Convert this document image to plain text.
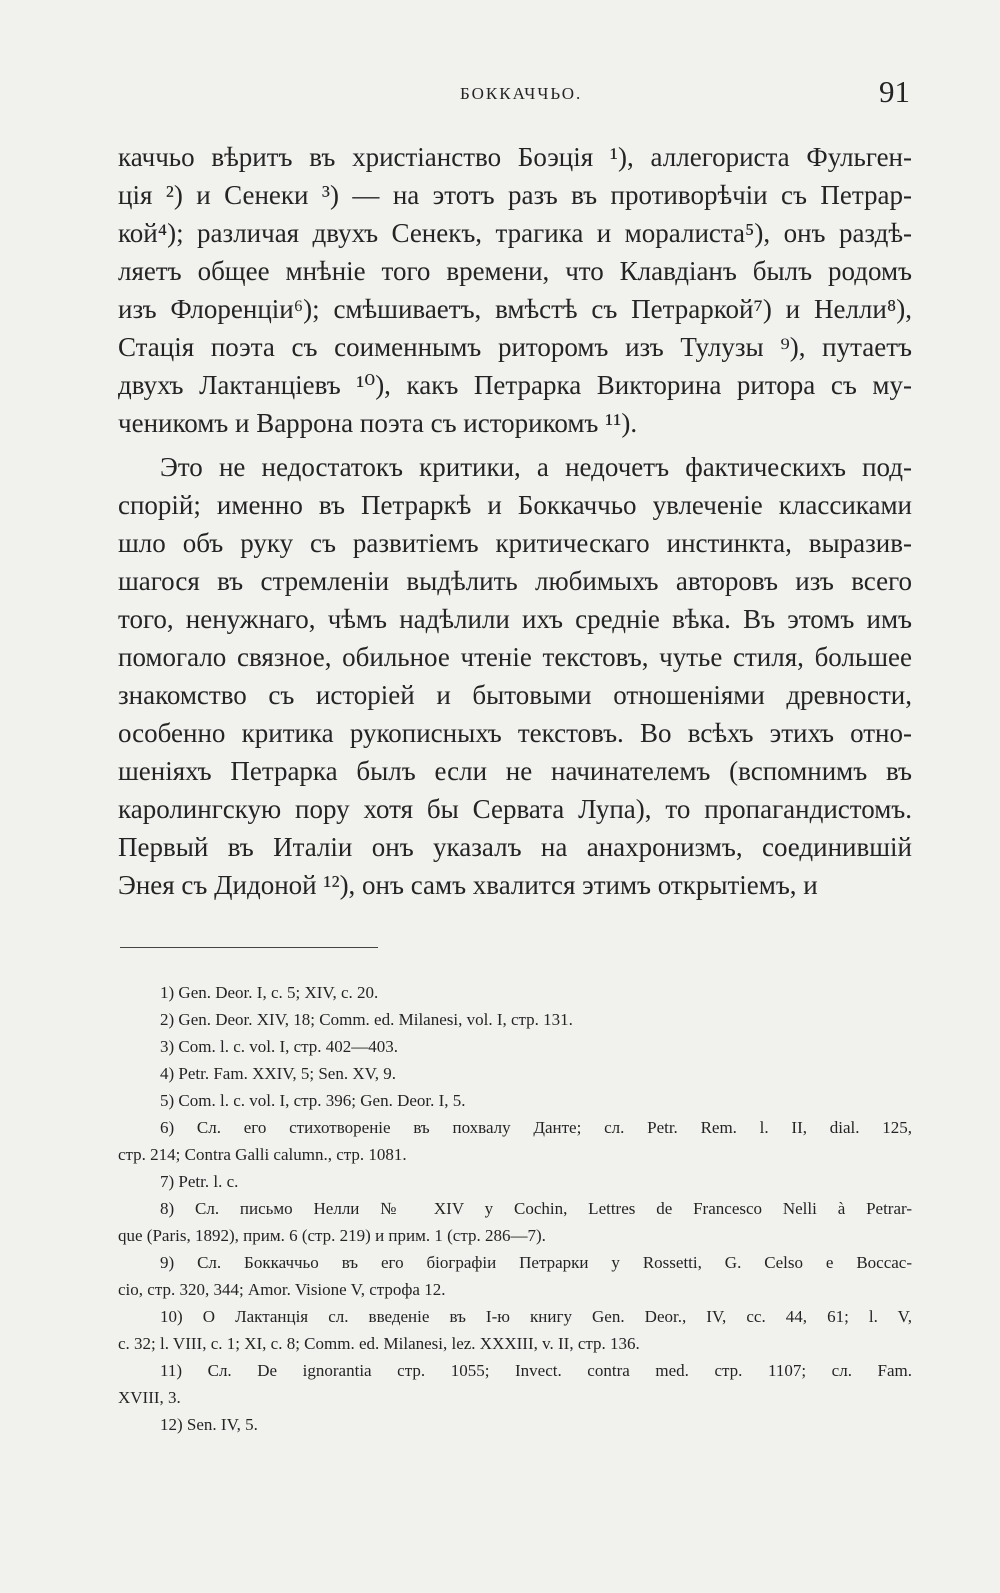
БОККАЧЧЬО.	91
каччьо вѣритъ въ христіанство Боэція ¹), аллегориста Фульген-
ція ²) и Сенеки ³) — на этотъ разъ въ противорѣчіи съ Петрар-
кой⁴); различая двухъ Сенекъ, трагика и моралиста⁵), онъ раздѣ-
ляетъ общее мнѣніе того времени, что Клавдіанъ былъ родомъ
изъ Флоренціи⁶); смѣшиваетъ, вмѣстѣ съ Петраркой⁷) и Нелли⁸),
Стація поэта съ соименнымъ риторомъ изъ Тулузы ⁹), путаетъ
двухъ Лактанціевъ ¹⁰), какъ Петрарка Викторина ритора съ му-
ченикомъ и Варрона поэта съ историкомъ ¹¹).
Это не недостатокъ критики, а недочетъ фактическихъ под-
спорій; именно въ Петраркѣ и Боккаччьо увлеченіе классиками
шло объ руку съ развитіемъ критическаго инстинкта, выразив-
шагося въ стремленіи выдѣлить любимыхъ авторовъ изъ всего
того, ненужнаго, чѣмъ надѣлили ихъ средніе вѣка. Въ этомъ имъ
помогало связное, обильное чтеніе текстовъ, чутье стиля, большее
знакомство съ исторіей и бытовыми отношеніями древности,
особенно критика рукописныхъ текстовъ. Во всѣхъ этихъ отно-
шеніяхъ Петрарка былъ если не начинателемъ (вспомнимъ въ
каролингскую пору хотя бы Сервата Лупа), то пропагандистомъ.
Первый въ Италіи онъ указалъ на анахронизмъ, соединившій
Энея съ Дидоной ¹²), онъ самъ хвалится этимъ открытіемъ, и
1) Gen. Deor. I, c. 5; XIV, c. 20.
2) Gen. Deor. XIV, 18; Comm. ed. Milanesi, vol. I, стр. 131.
3) Com. l. c. vol. I, стр. 402—403.
4) Petr. Fam. XXIV, 5; Sen. XV, 9.
5) Com. l. c. vol. I, стр. 396; Gen. Deor. I, 5.
6) Сл. его стихотвореніе въ похвалу Данте; сл. Petr. Rem. l. II, dial. 125,
стр. 214; Contra Galli calumn., стр. 1081.
7) Petr. l. c.
8) Сл. письмо Нелли № XIV у Cochin, Lettres de Francesco Nelli à Petrar-
que (Paris, 1892), прим. 6 (стр. 219) и прим. 1 (стр. 286—7).
9) Сл. Боккаччьо въ его біографіи Петрарки у Rossetti, G. Celso e Boccac-
cio, стр. 320, 344; Amor. Visione V, строфа 12.
10) О Лактанція сл. введеніе въ I-ю книгу Gen. Deor., IV, cc. 44, 61; l. V,
c. 32; l. VIII, c. 1; XI, c. 8; Comm. ed. Milanesi, lez. XXXIII, v. II, стр. 136.
11) Сл. De ignorantia стр. 1055; Invect. contra med. стр. 1107; сл. Fam.
XVIII, 3.
12) Sen. IV, 5.
